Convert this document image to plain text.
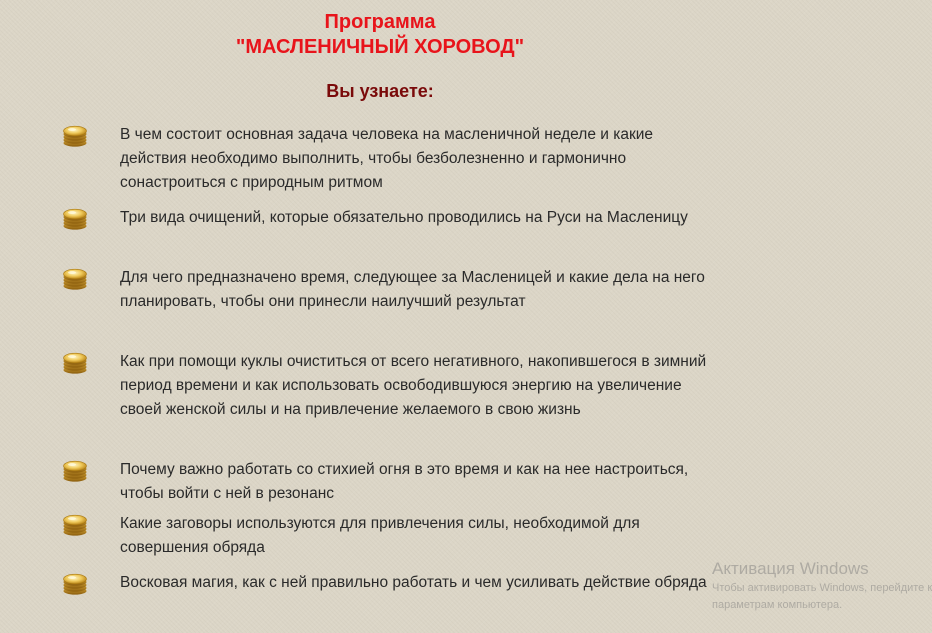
Программа
"МАСЛЕНИЧНЫЙ ХОРОВОД"
Вы узнаете:
В чем состоит основная задача человека на масленичной неделе и какие действия необходимо выполнить, чтобы безболезненно и гармонично сонастроиться с природным ритмом
Три вида очищений, которые обязательно проводились на Руси на Масленицу
Для чего предназначено время, следующее за Масленицей и какие дела на него планировать, чтобы они принесли наилучший результат
Как при помощи куклы очиститься от всего негативного, накопившегося в зимний период времени и как использовать освободившуюся энергию на увеличение своей женской силы и на привлечение желаемого в свою жизнь
Почему важно работать со стихией огня в это время и как на нее настроиться, чтобы войти с ней в резонанс
Какие заговоры используются для привлечения силы, необходимой для совершения обряда
Восковая магия, как с ней правильно работать и чем усиливать действие обряда
Активация Windows
Чтобы активировать Windows, перейдите к
параметрам компьютера.
